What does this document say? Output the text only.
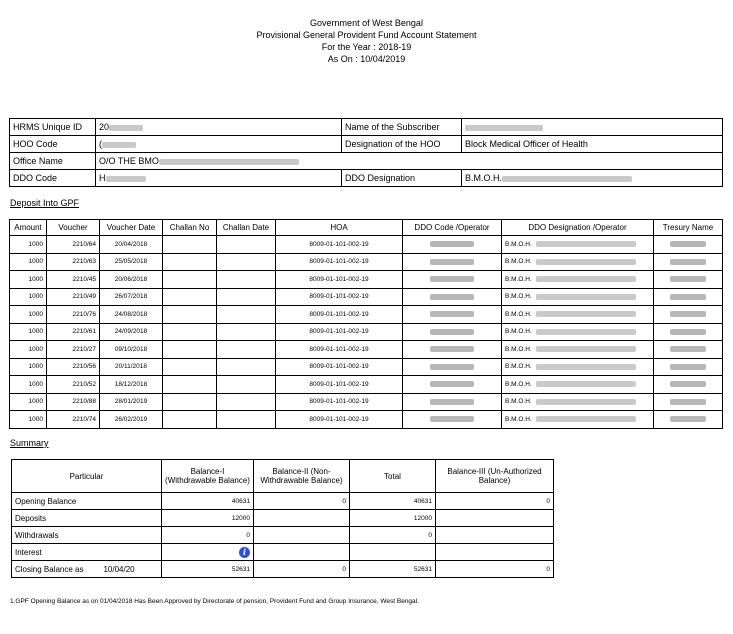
Government of West Bengal
Provisional General Provident Fund Account Statement
For the Year : 2018-19
As On : 10/04/2019
HRMS Unique ID	20	Name of the Subscriber	
HOO Code	(	Designation of the HOO	Block Medical Officer of Health
Office Name	O/O THE BMO		
DDO Code	H	DDO Designation	B.M.O.H.
Deposit Into GPF
Amount	Voucher	Voucher Date	Challan No	Challan Date	HOA	DDO Code /Operator	DDO Designation /Operator	Tresury Name
1000	2210/64	20/04/2018			8009-01-101-002-19		B.M.O.H.	
1000	2210/63	25/05/2018			8009-01-101-002-19		B.M.O.H.	
1000	2210/45	20/06/2018			8009-01-101-002-19		B.M.O.H.	
1000	2210/49	26/07/2018			8009-01-101-002-19		B.M.O.H.	
1000	2210/76	24/08/2018			8009-01-101-002-19		B.M.O.H.	
1000	2210/61	24/09/2018			8009-01-101-002-19		B.M.O.H.	
1000	2210/27	09/10/2018			8009-01-101-002-19		B.M.O.H.	
1000	2210/56	20/11/2018			8009-01-101-002-19		B.M.O.H.	
1000	2210/52	18/12/2018			8009-01-101-002-19		B.M.O.H.	
1000	2210/88	28/01/2019			8009-01-101-002-19		B.M.O.H.	
1000	2210/74	26/02/2019			8009-01-101-002-19		B.M.O.H.	
Summary
Particular	Balance-I (Withdrawable Balance)	Balance-II (Non-Withdrawable Balance)	Total	Balance-III (Un-Authorized Balance)
Opening Balance	40631	0	40631	0
Deposits	12000		12000	
Withdrawals	0		0	
Interest	i			
Closing Balance as 10/04/20	52631	0	52631	0
1.GPF Opening Balance as on 01/04/2018 Has Been Approved by Directorate of pension, Provident Fund and Group Insurance, West Bengal.
